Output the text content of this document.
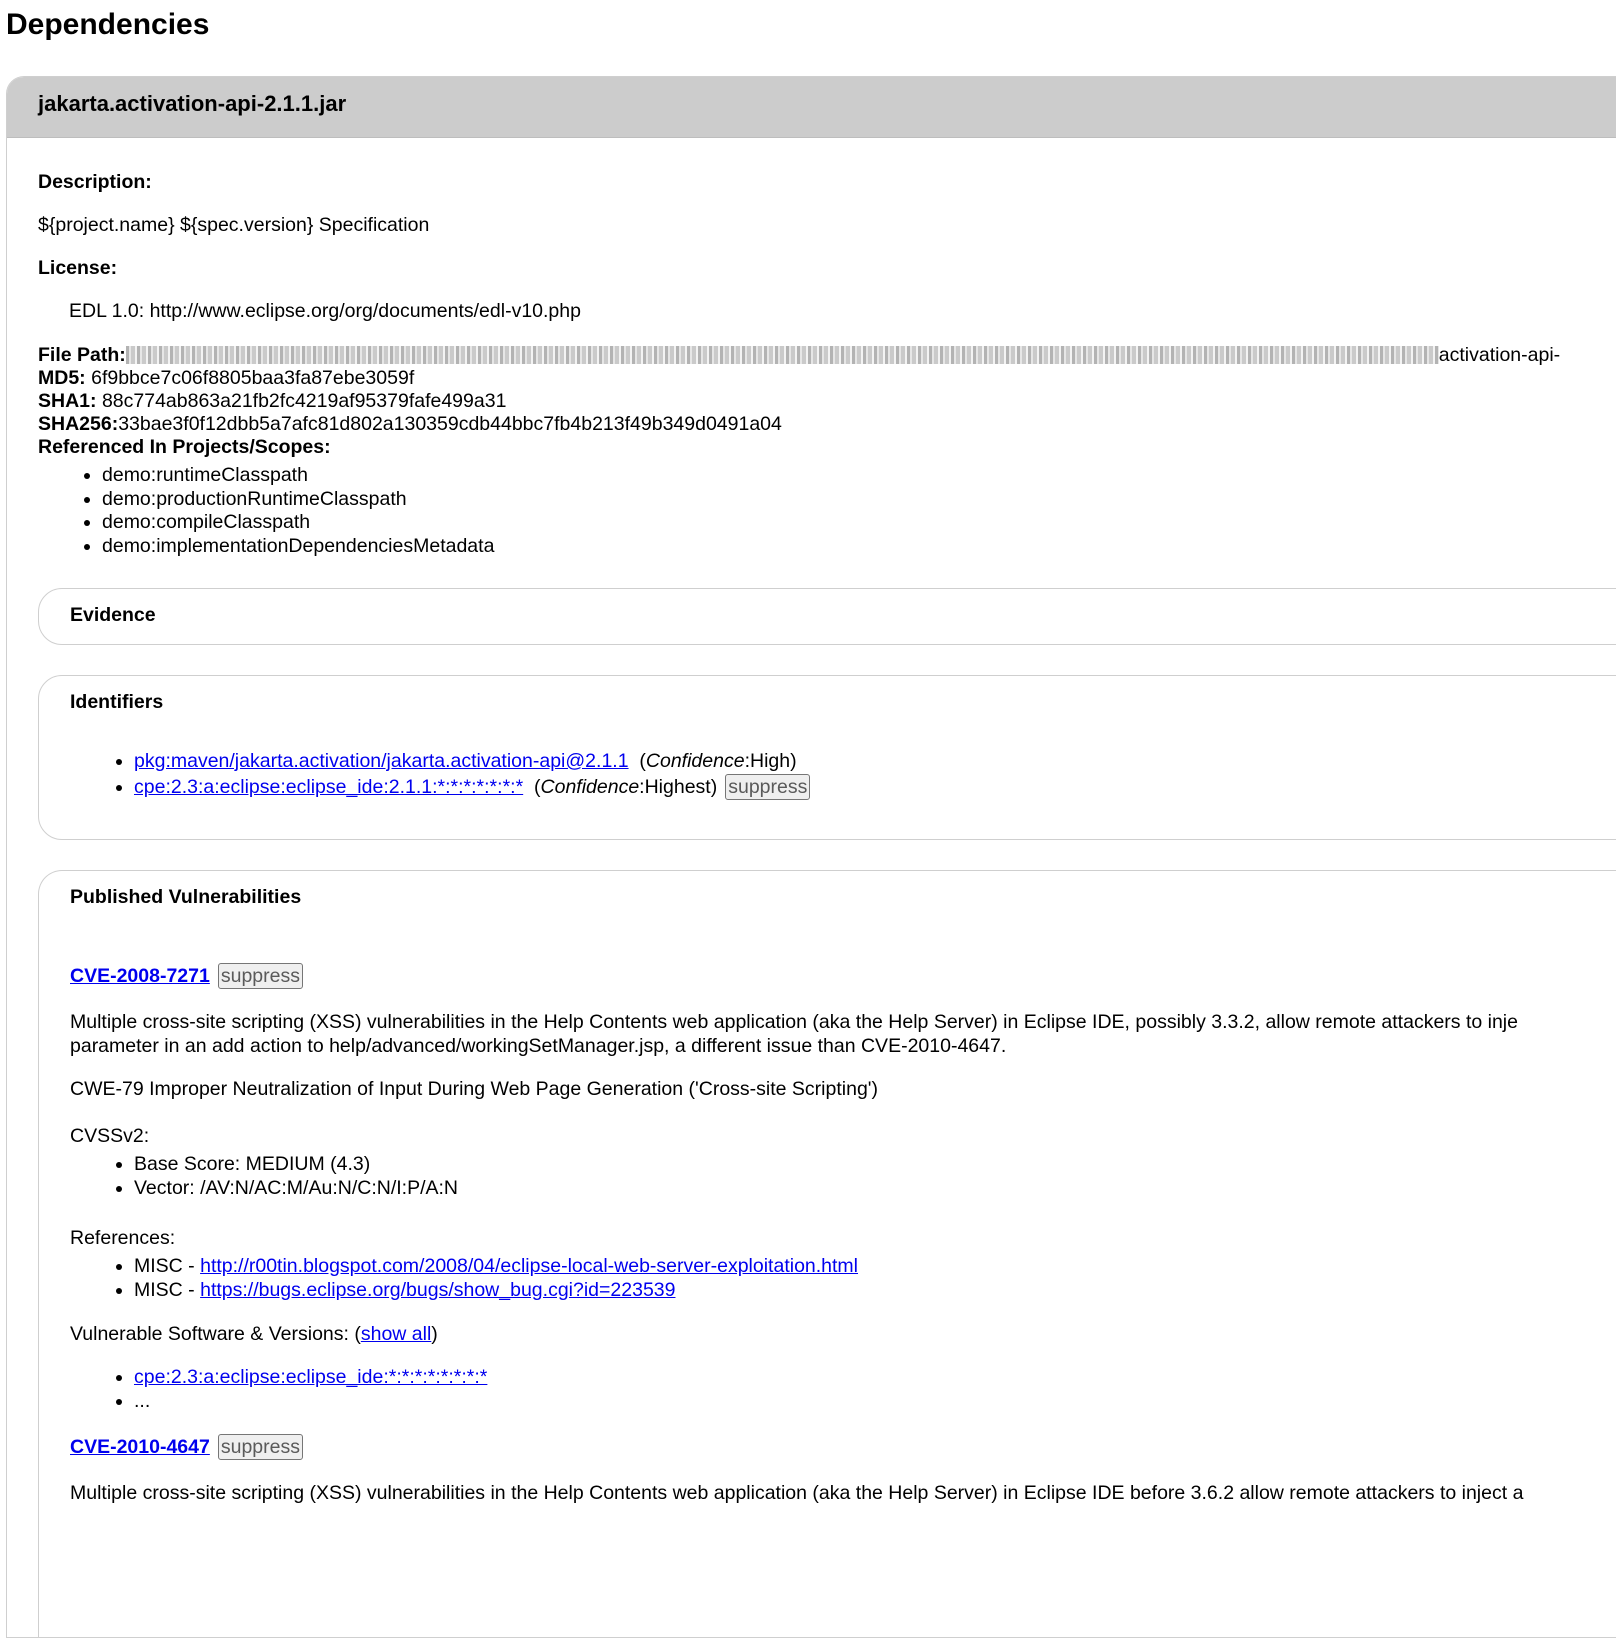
Dependencies
jakarta.activation-api-2.1.1.jar
Description:
${project.name} ${spec.version} Specification
License:
EDL 1.0: http://www.eclipse.org/org/documents/edl-v10.php
File Path:	activation-api-
MD5: 6f9bbce7c06f8805baa3fa87ebe3059f
SHA1: 88c774ab863a21fb2fc4219af95379fafe499a31
SHA256:33bae3f0f12dbb5a7afc81d802a130359cdb44bbc7fb4b213f49b349d0491a04
Referenced In Projects/Scopes:
• demo:runtimeClasspath
• demo:productionRuntimeClasspath
• demo:compileClasspath
• demo:implementationDependenciesMetadata
Evidence
Identifiers
• pkg:maven/jakarta.activation/jakarta.activation-api@2.1.1  (Confidence:High)
• cpe:2.3:a:eclipse:eclipse_ide:2.1.1:*:*:*:*:*:*:*  (Confidence:Highest) suppress
Published Vulnerabilities
CVE-2008-7271 suppress
Multiple cross-site scripting (XSS) vulnerabilities in the Help Contents web application (aka the Help Server) in Eclipse IDE, possibly 3.3.2, allow remote attackers to inje
parameter in an add action to help/advanced/workingSetManager.jsp, a different issue than CVE-2010-4647.
CWE-79 Improper Neutralization of Input During Web Page Generation ('Cross-site Scripting')
CVSSv2:
• Base Score: MEDIUM (4.3)
• Vector: /AV:N/AC:M/Au:N/C:N/I:P/A:N
References:
• MISC - http://r00tin.blogspot.com/2008/04/eclipse-local-web-server-exploitation.html
• MISC - https://bugs.eclipse.org/bugs/show_bug.cgi?id=223539
Vulnerable Software & Versions: (show all)
• cpe:2.3:a:eclipse:eclipse_ide:*:*:*:*:*:*:*:*
• ...
CVE-2010-4647 suppress
Multiple cross-site scripting (XSS) vulnerabilities in the Help Contents web application (aka the Help Server) in Eclipse IDE before 3.6.2 allow remote attackers to inject a
